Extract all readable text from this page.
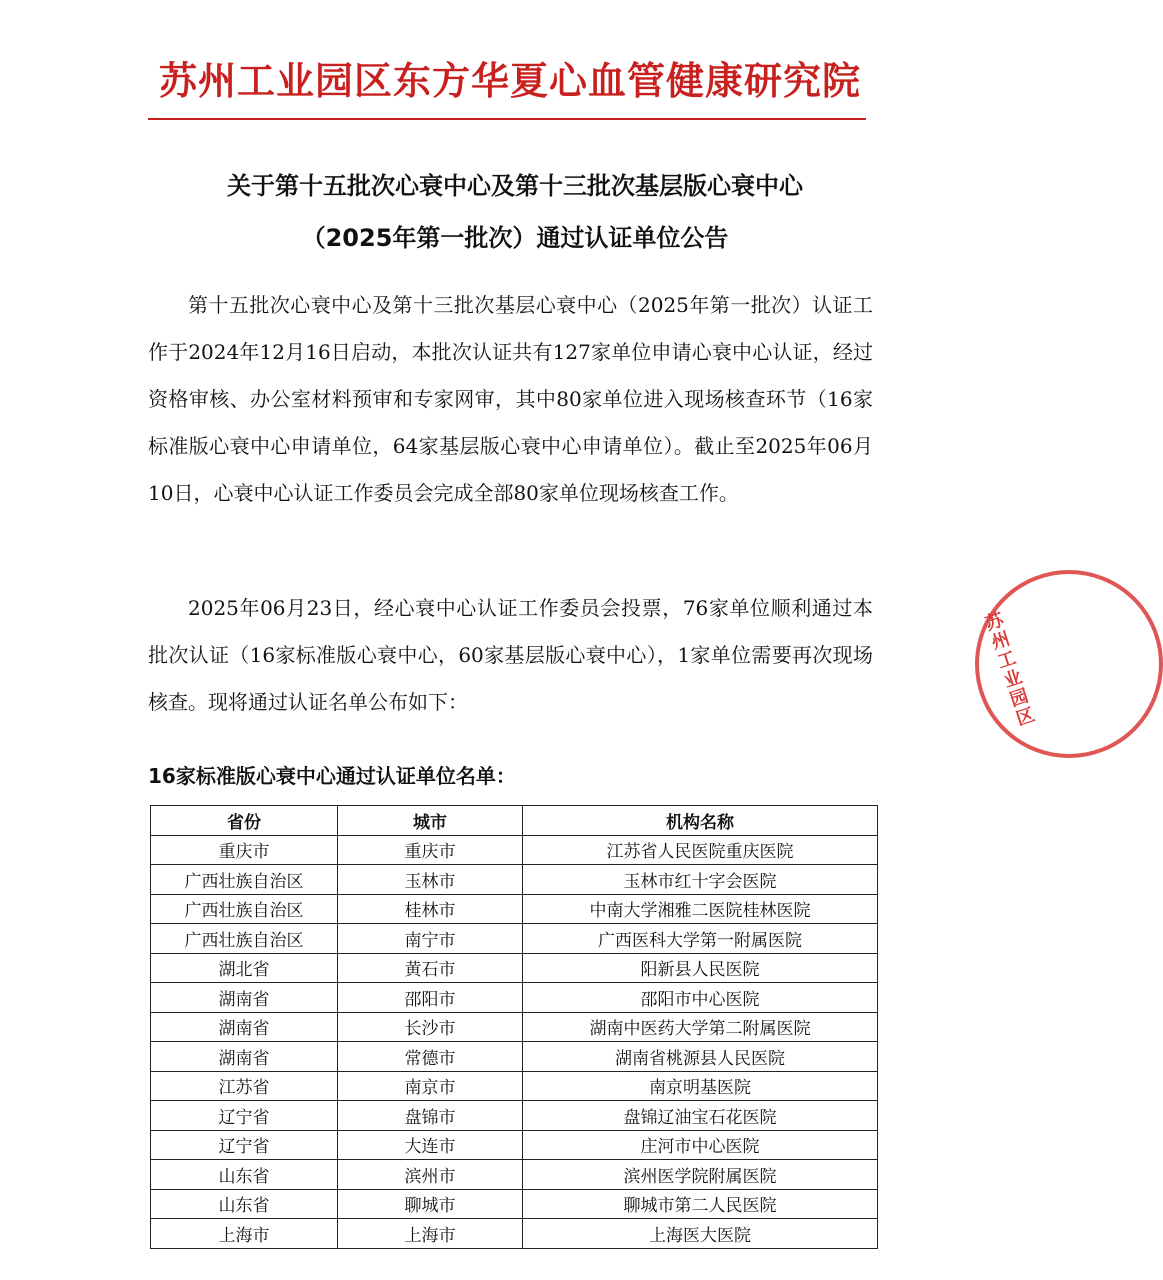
苏州工业园区东方华夏心血管健康研究院
关于第十五批次心衰中心及第十三批次基层版心衰中心
（2025年第一批次）通过认证单位公告
第十五批次心衰中心及第十三批次基层心衰中心（2025年第一批次）认证工作于2024年12月16日启动，本批次认证共有127家单位申请心衰中心认证，经过资格审核、办公室材料预审和专家网审，其中80家单位进入现场核查环节（16家标准版心衰中心申请单位，64家基层版心衰中心申请单位）。截止至2025年06月10日，心衰中心认证工作委员会完成全部80家单位现场核查工作。
2025年06月23日，经心衰中心认证工作委员会投票，76家单位顺利通过本批次认证（16家标准版心衰中心，60家基层版心衰中心），1家单位需要再次现场核查。现将通过认证名单公布如下：
16家标准版心衰中心通过认证单位名单：
省份	城市	机构名称
重庆市	重庆市	江苏省人民医院重庆医院
广西壮族自治区	玉林市	玉林市红十字会医院
广西壮族自治区	桂林市	中南大学湘雅二医院桂林医院
广西壮族自治区	南宁市	广西医科大学第一附属医院
湖北省	黄石市	阳新县人民医院
湖南省	邵阳市	邵阳市中心医院
湖南省	长沙市	湖南中医药大学第二附属医院
湖南省	常德市	湖南省桃源县人民医院
江苏省	南京市	南京明基医院
辽宁省	盘锦市	盘锦辽油宝石花医院
辽宁省	大连市	庄河市中心医院
山东省	滨州市	滨州医学院附属医院
山东省	聊城市	聊城市第二人民医院
上海市	上海市	上海医大医院
苏州工业园区
